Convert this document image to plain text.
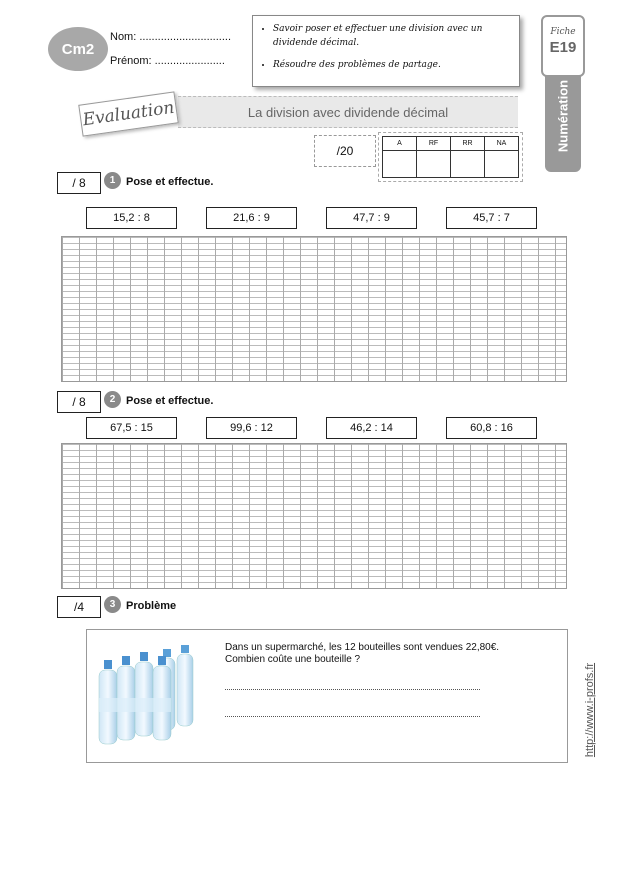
Cm2
Nom: ..............................
Prénom: .......................
• Savoir poser et effectuer une division avec un dividende décimal.
• Résoudre des problèmes de partage.
Numération
Fiche
E19
La division avec dividende décimal
Evaluation
/20
A	RF	RR	NA

/ 8	1 Pose et effectue.
15,2 : 8	21,6 : 9	47,7 : 9	45,7 : 7
/ 8	2 Pose et effectue.
67,5 : 15	99,6 : 12	46,2 : 14	60,8 : 16
/4	3 Problème
Dans un supermarché, les 12 bouteilles sont vendues 22,80€.
Combien coûte une bouteille ?
http://www.i-profs.fr
